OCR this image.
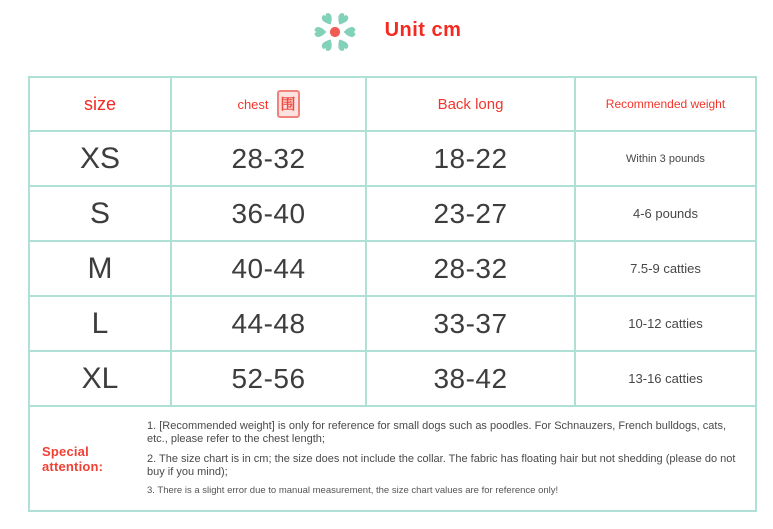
Unit cm
size	chest 围	Back long	Recommended weight
XS	28-32	18-22	Within 3 pounds
S	36-40	23-27	4-6 pounds
M	40-44	28-32	7.5-9 catties
L	44-48	33-37	10-12 catties
XL	52-56	38-42	13-16 catties

Special attention:

1. [Recommended weight] is only for reference for small dogs such as poodles. For Schnauzers, French bulldogs, cats, etc., please refer to the chest length;

2. The size chart is in cm; the size does not include the collar. The fabric has floating hair but not shedding (please do not buy if you mind);

3. There is a slight error due to manual measurement, the size chart values are for reference only!			
